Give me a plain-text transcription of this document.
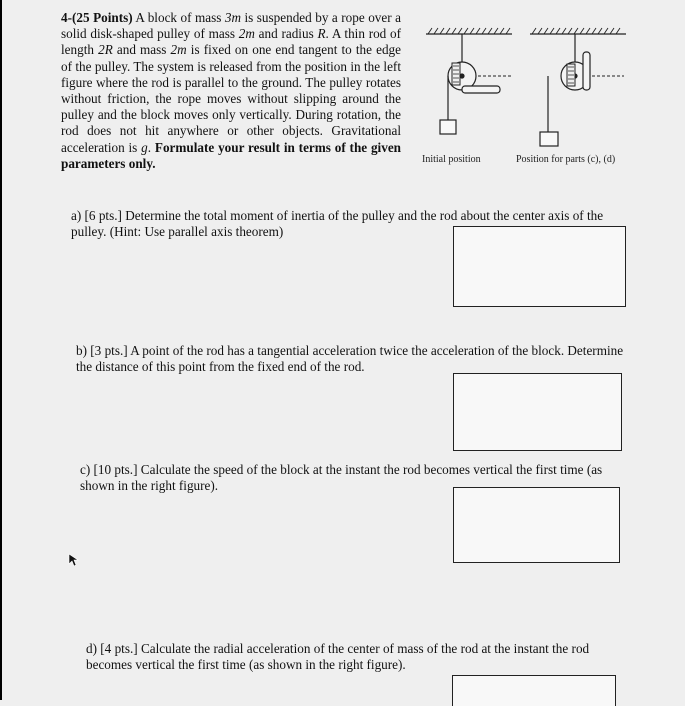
4-(25 Points) A block of mass 3m is suspended by a rope over a solid disk-shaped pulley of mass 2m and radius R. A thin rod of length 2R and mass 2m is fixed on one end tangent to the edge of the pulley. The system is released from the position in the left figure where the rod is parallel to the ground. The pulley rotates without friction, the rope moves without slipping around the pulley and the block moves only vertically. During rotation, the rod does not hit anywhere or other objects. Gravitational acceleration is g. Formulate your result in terms of the given parameters only.	Initial position	Position for parts (c), (d)

a) [6 pts.] Determine the total moment of inertia of the pulley and the rod about the center axis of the pulley. (Hint: Use parallel axis theorem)

b) [3 pts.] A point of the rod has a tangential acceleration twice the acceleration of the block. Determine the distance of this point from the fixed end of the rod.

c) [10 pts.] Calculate the speed of the block at the instant the rod becomes vertical the first time (as shown in the right figure).

d) [4 pts.] Calculate the radial acceleration of the center of mass of the rod at the instant the rod becomes vertical the first time (as shown in the right figure).
